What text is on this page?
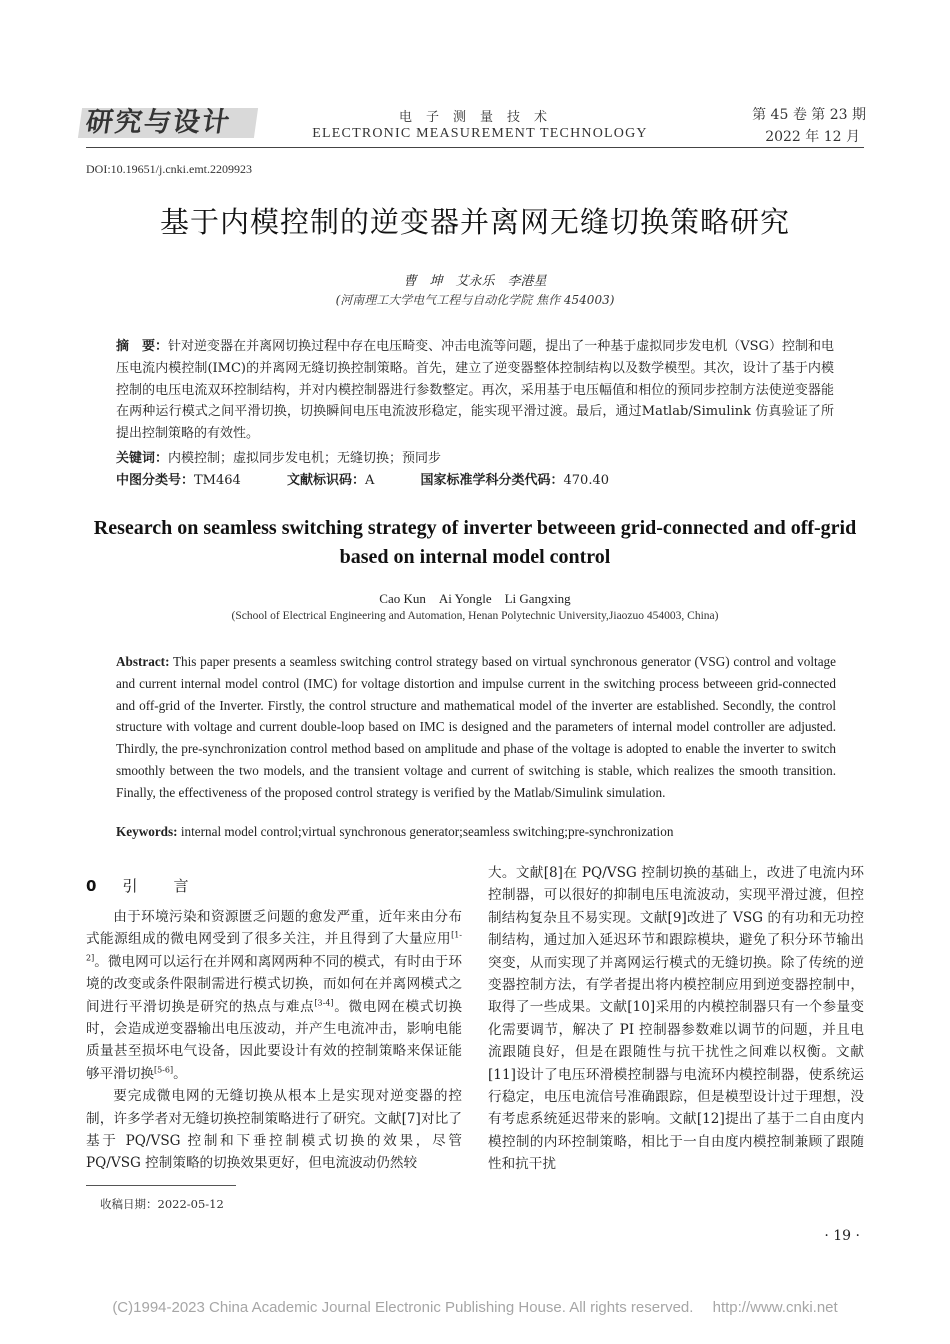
研究与设计	电子测量技术
ELECTRONIC MEASUREMENT TECHNOLOGY
第 45 卷 第 23 期
2022 年 12 月
DOI:10.19651/j.cnki.emt.2209923
基于内模控制的逆变器并离网无缝切换策略研究
曹　坤　艾永乐　李港星
(河南理工大学电气工程与自动化学院 焦作 454003)
摘　要：针对逆变器在并离网切换过程中存在电压畸变、冲击电流等问题，提出了一种基于虚拟同步发电机（VSG）控制和电压电流内模控制(IMC)的并离网无缝切换控制策略。首先，建立了逆变器整体控制结构以及数学模型。其次，设计了基于内模控制的电压电流双环控制结构，并对内模控制器进行参数整定。再次，采用基于电压幅值和相位的预同步控制方法使逆变器能在两种运行模式之间平滑切换，切换瞬间电压电流波形稳定，能实现平滑过渡。最后，通过Matlab/Simulink 仿真验证了所提出控制策略的有效性。
关键词：内模控制；虚拟同步发电机；无缝切换；预同步
中图分类号：TM464	文献标识码：A	国家标准学科分类代码：470.40
Research on seamless switching strategy of inverter betweeen grid-connected and off-grid based on internal model control
Cao Kun　Ai Yongle　Li Gangxing
(School of Electrical Engineering and Automation, Henan Polytechnic University,Jiaozuo 454003, China)
Abstract: This paper presents a seamless switching control strategy based on virtual synchronous generator (VSG) control and voltage and current internal model control (IMC) for voltage distortion and impulse current in the switching process betweeen grid-connected and off-grid of the Inverter. Firstly, the control structure and mathematical model of the inverter are established. Secondly, the control structure with voltage and current double-loop based on IMC is designed and the parameters of internal model controller are adjusted. Thirdly, the pre-synchronization control method based on amplitude and phase of the voltage is adopted to enable the inverter to switch smoothly between the two models, and the transient voltage and current of switching is stable, which realizes the smooth transition. Finally, the effectiveness of the proposed control strategy is verified by the Matlab/Simulink simulation.
Keywords: internal model control;virtual synchronous generator;seamless switching;pre-synchronization
0 引言

由于环境污染和资源匮乏问题的愈发严重，近年来由分布式能源组成的微电网受到了很多关注，并且得到了大量应用[1-2]。微电网可以运行在并网和离网两种不同的模式，有时由于环境的改变或条件限制需进行模式切换，而如何在并离网模式之间进行平滑切换是研究的热点与难点[3-4]。微电网在模式切换时，会造成逆变器输出电压波动，并产生电流冲击，影响电能质量甚至损坏电气设备，因此要设计有效的控制策略来保证能够平滑切换[5-6]。

要完成微电网的无缝切换从根本上是实现对逆变器的控制，许多学者对无缝切换控制策略进行了研究。文献[7]对比了基于 PQ/VSG 控制和下垂控制模式切换的效果，尽管 PQ/VSG 控制策略的切换效果更好，但电流波动仍然较

大。文献[8]在 PQ/VSG 控制切换的基础上，改进了电流内环控制器，可以很好的抑制电压电流波动，实现平滑过渡，但控制结构复杂且不易实现。文献[9]改进了 VSG 的有功和无功控制结构，通过加入延迟环节和跟踪模块，避免了积分环节输出突变，从而实现了并离网运行模式的无缝切换。除了传统的逆变器控制方法，有学者提出将内模控制应用到逆变器控制中，取得了一些成果。文献[10]采用的内模控制器只有一个参量变化需要调节，解决了 PI 控制器参数难以调节的问题，并且电流跟随良好，但是在跟随性与抗干扰性之间难以权衡。文献[11]设计了电压环滑模控制器与电流环内模控制器，使系统运行稳定，电压电流信号准确跟踪，但是模型设计过于理想，没有考虑系统延迟带来的影响。文献[12]提出了基于二自由度内模控制的内环控制策略，相比于一自由度内模控制兼顾了跟随性和抗干扰

收稿日期：2022-05-12
· 19 ·
(C)1994-2023 China Academic Journal Electronic Publishing House. All rights reserved.　 http://www.cnki.net
